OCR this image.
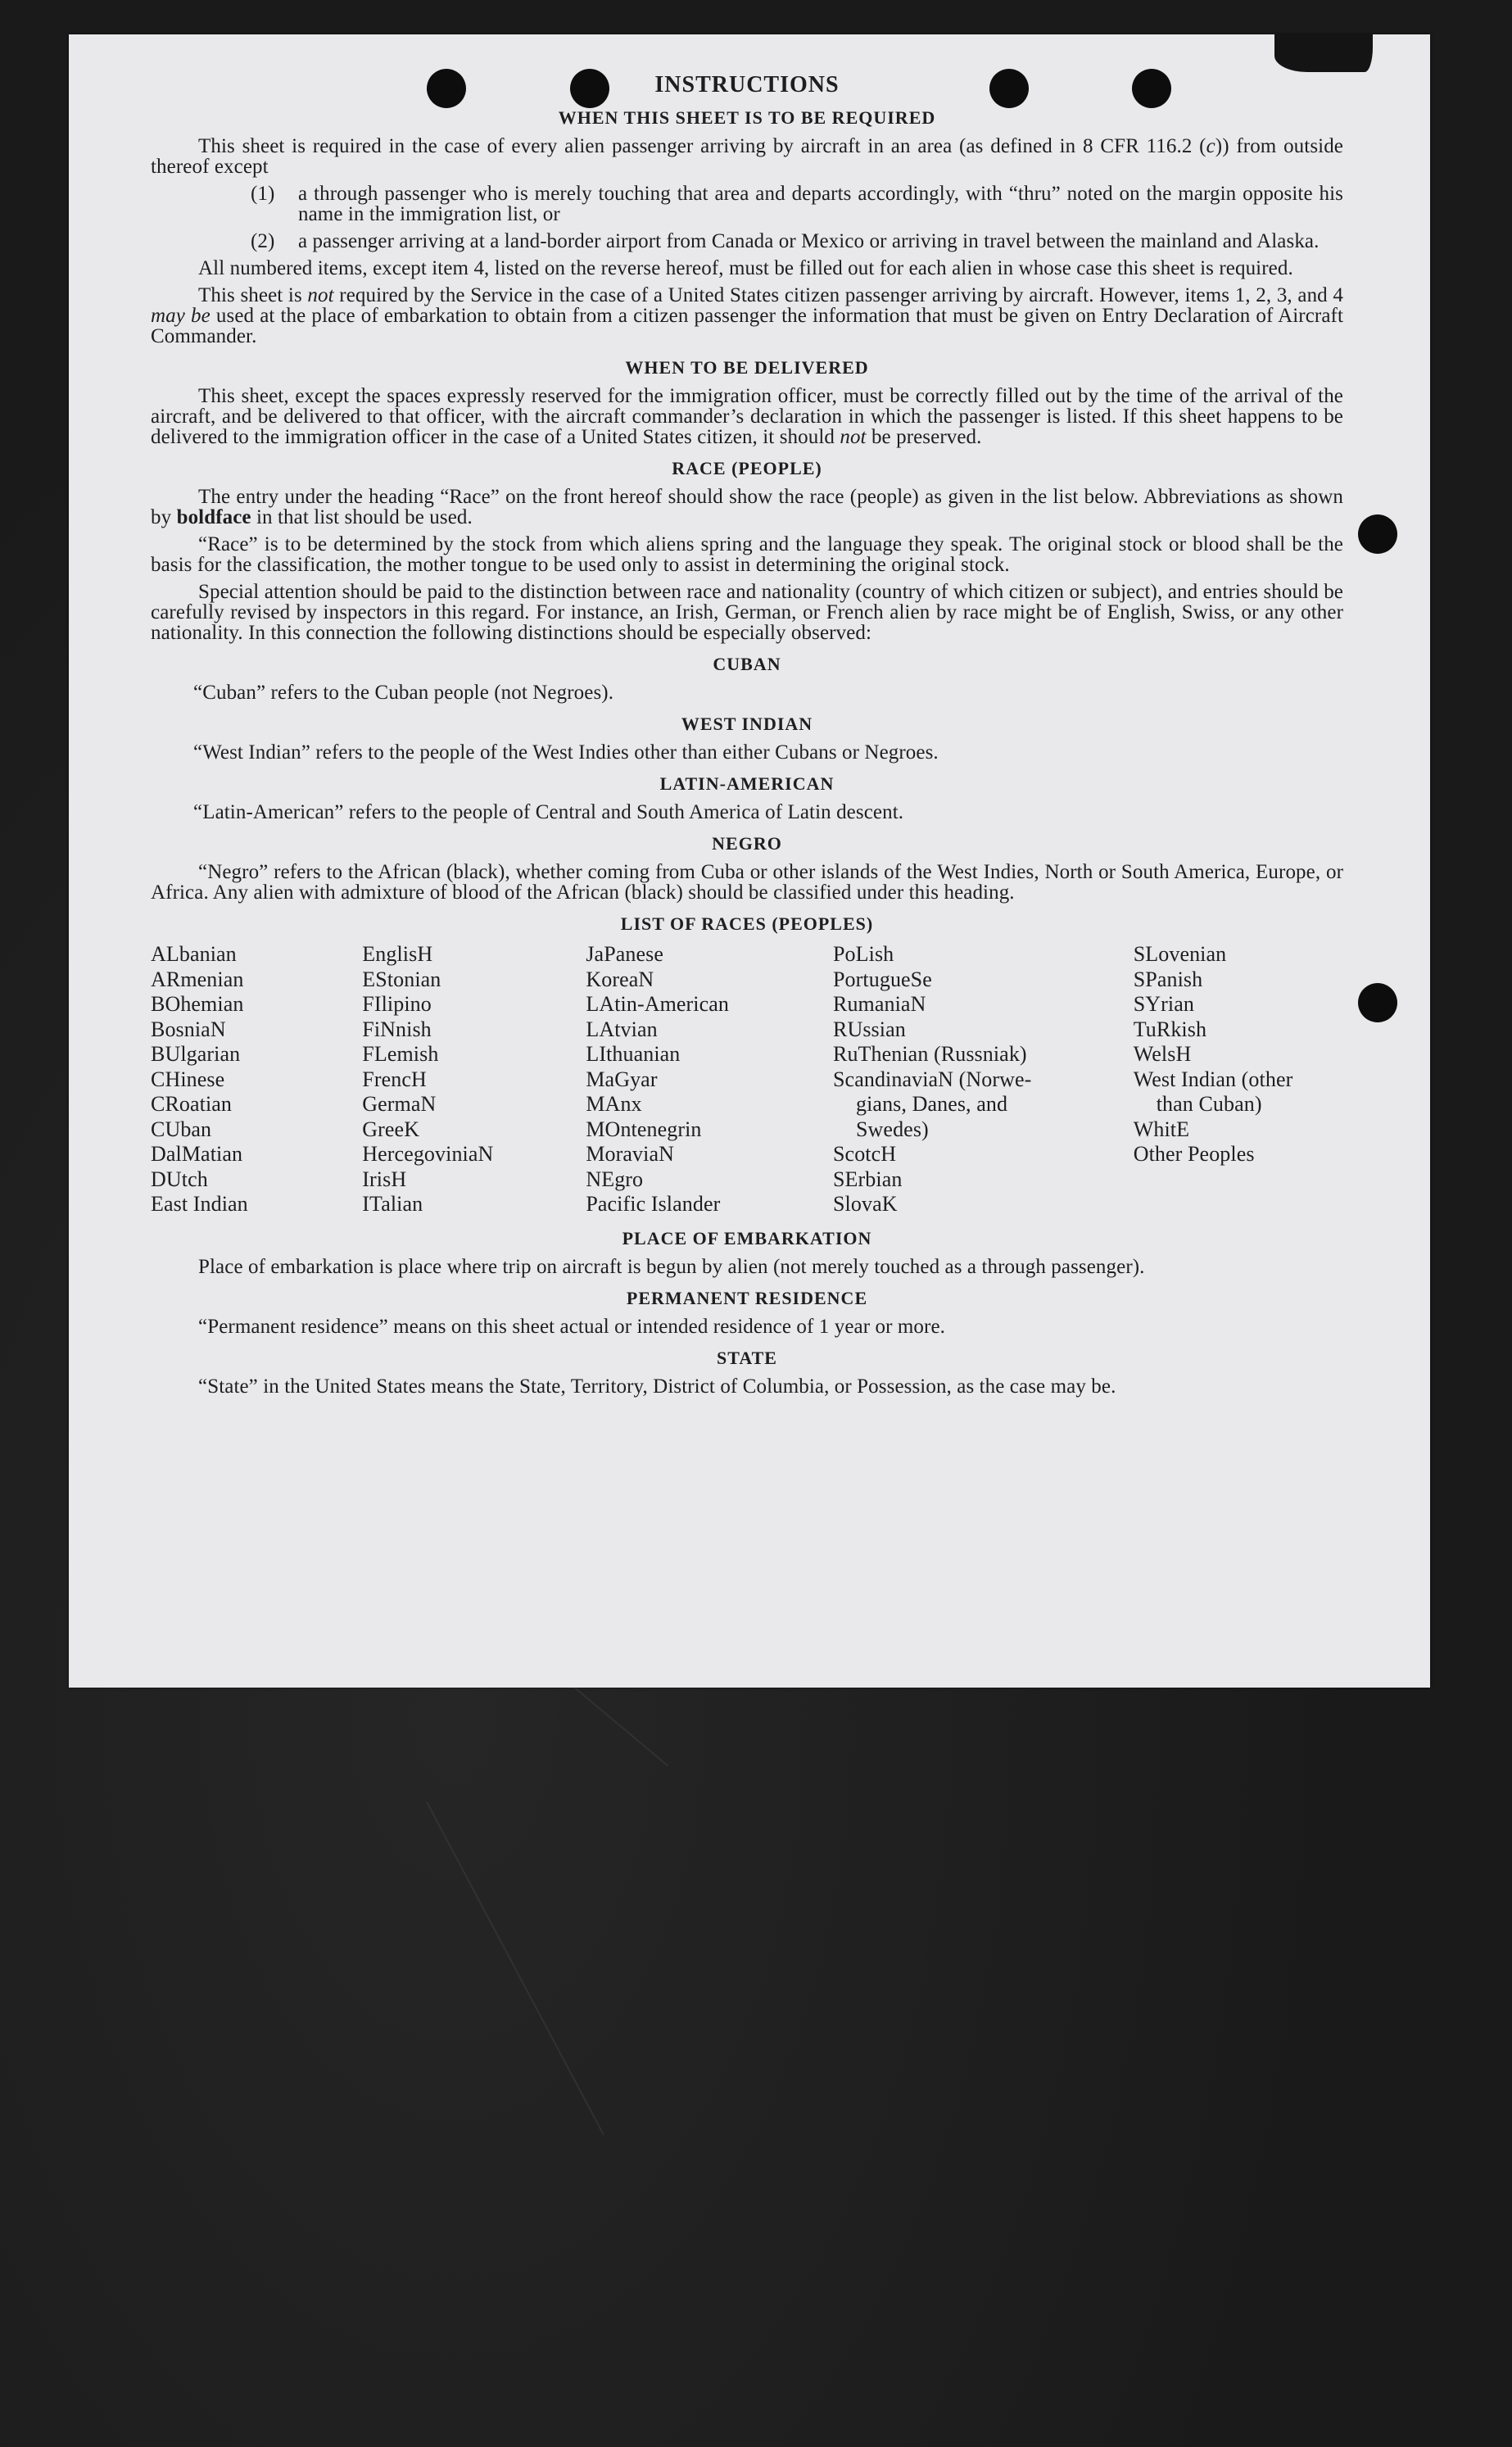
INSTRUCTIONS
WHEN THIS SHEET IS TO BE REQUIRED

This sheet is required in the case of every alien passenger arriving by aircraft in an area (as defined in 8 CFR 116.2 (c)) from outside thereof except

(1)	a through passenger who is merely touching that area and departs accordingly, with “thru” noted on the margin opposite his name in the immigration list, or
(2)	a passenger arriving at a land-border airport from Canada or Mexico or arriving in travel between the mainland and Alaska.

All numbered items, except item 4, listed on the reverse hereof, must be filled out for each alien in whose case this sheet is required.

This sheet is not required by the Service in the case of a United States citizen passenger arriving by aircraft. However, items 1, 2, 3, and 4 may be used at the place of embarkation to obtain from a citizen passenger the information that must be given on Entry Declaration of Aircraft Commander.

WHEN TO BE DELIVERED

This sheet, except the spaces expressly reserved for the immigration officer, must be correctly filled out by the time of the arrival of the aircraft, and be delivered to that officer, with the aircraft commander’s declaration in which the passenger is listed. If this sheet happens to be delivered to the immigration officer in the case of a United States citizen, it should not be preserved.

RACE (PEOPLE)

The entry under the heading “Race” on the front hereof should show the race (people) as given in the list below. Abbreviations as shown by boldface in that list should be used.

“Race” is to be determined by the stock from which aliens spring and the language they speak. The original stock or blood shall be the basis for the classification, the mother tongue to be used only to assist in determining the original stock.

Special attention should be paid to the distinction between race and nationality (country of which citizen or subject), and entries should be carefully revised by inspectors in this regard. For instance, an Irish, German, or French alien by race might be of English, Swiss, or any other nationality. In this connection the following distinctions should be especially observed:

CUBAN

“Cuban” refers to the Cuban people (not Negroes).

WEST INDIAN

“West Indian” refers to the people of the West Indies other than either Cubans or Negroes.

LATIN-AMERICAN

“Latin-American” refers to the people of Central and South America of Latin descent.

NEGRO

“Negro” refers to the African (black), whether coming from Cuba or other islands of the West Indies, North or South America, Europe, or Africa. Any alien with admixture of blood of the African (black) should be classified under this heading.

LIST OF RACES (PEOPLES)
ALbanian
ARmenian
BOhemian
BosniaN
BUlgarian
CHinese
CRoatian
CUban
DalMatian
DUtch
East Indian
EnglisH
EStonian
FIlipino
FiNnish
FLemish
FrencH
GermaN
GreeK
HercegoviniaN
IrisH
ITalian
JaPanese
KoreaN
LAtin-American
LAtvian
LIthuanian
MaGyar
MAnx
MOntenegrin
MoraviaN
NEgro
Pacific Islander
PoLish
PortugueSe
RumaniaN
RUssian
RuThenian (Russniak)
ScandinaviaN (Norwe-
gians, Danes, and
Swedes)
ScotcH
SErbian
SlovaK
SLovenian
SPanish
SYrian
TuRkish
WelsH
West Indian (other
than Cuban)
WhitE
Other Peoples
PLACE OF EMBARKATION

Place of embarkation is place where trip on aircraft is begun by alien (not merely touched as a through passenger).

PERMANENT RESIDENCE

“Permanent residence” means on this sheet actual or intended residence of 1 year or more.

STATE

“State” in the United States means the State, Territory, District of Columbia, or Possession, as the case may be.
